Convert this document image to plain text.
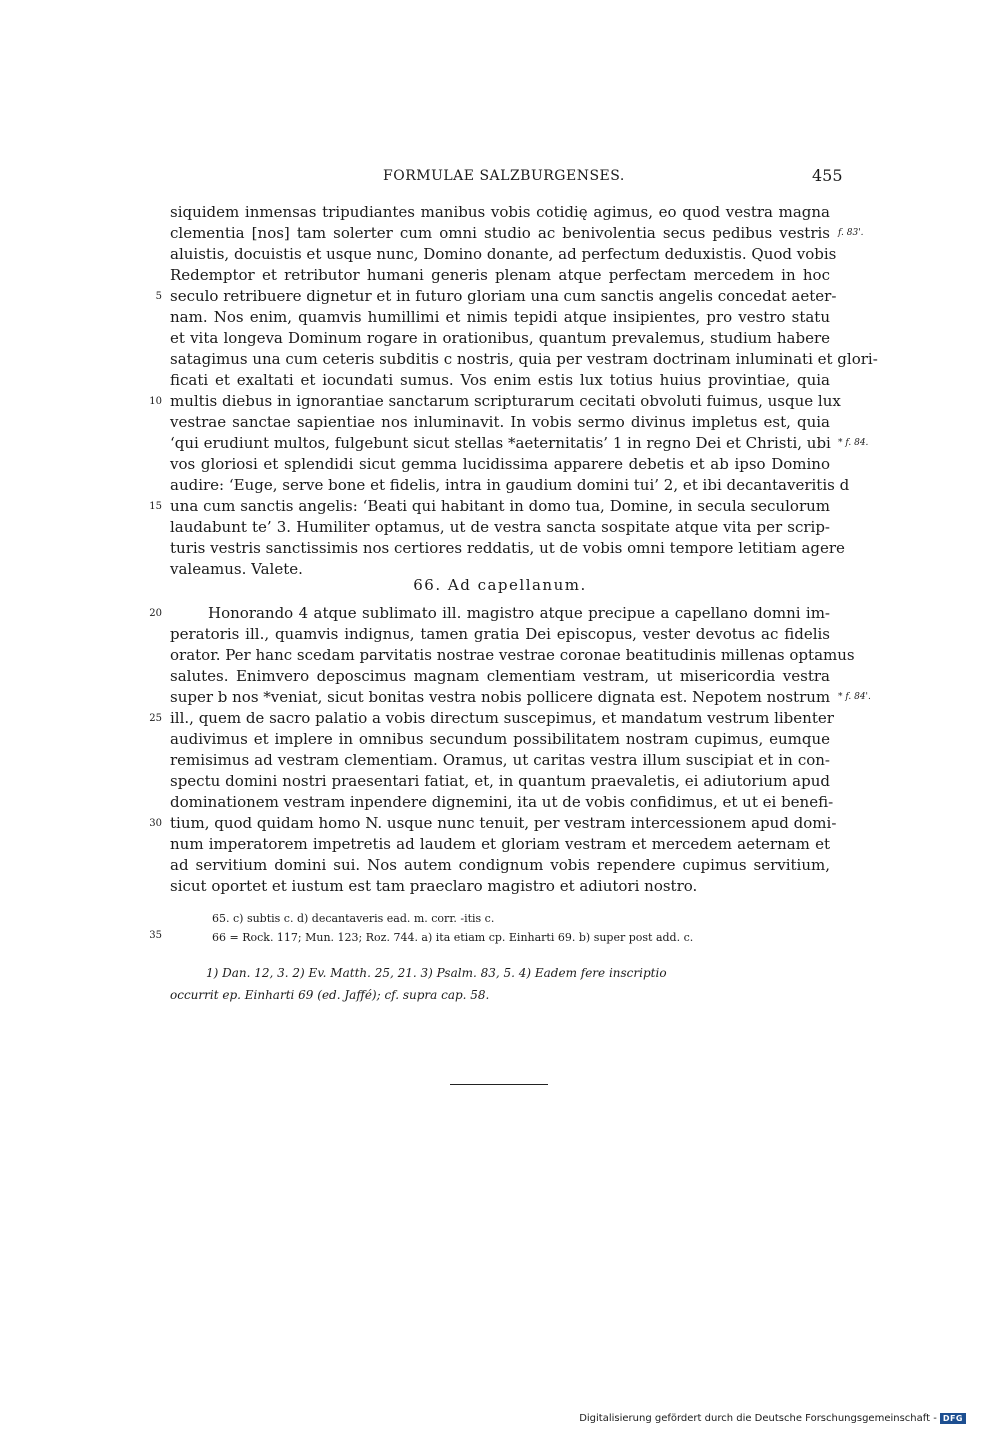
FORMULAE SALZBURGENSES.	455
siquidem inmensas tripudiantes manibus vobis cotidię agimus, eo quod vestra magna
clementia [nos] tam solerter cum omni studio ac benivolentia secus pedibus vestris
aluistis, docuistis et usque nunc, Domino donante, ad perfectum deduxistis. Quod vobis
Redemptor et retributor humani generis plenam atque perfectam mercedem in hoc
seculo retribuere dignetur et in futuro gloriam una cum sanctis angelis concedat aeter-
nam. Nos enim, quamvis humillimi et nimis tepidi atque insipientes, pro vestro statu
et vita longeva Dominum rogare in orationibus, quantum prevalemus, studium habere
satagimus una cum ceteris subditis c nostris, quia per vestram doctrinam inluminati et glori-
ficati et exaltati et iocundati sumus. Vos enim estis lux totius huius provintiae, quia
multis diebus in ignorantiae sanctarum scripturarum cecitati obvoluti fuimus, usque lux
vestrae sanctae sapientiae nos inluminavit. In vobis sermo divinus impletus est, quia
‘qui erudiunt multos, fulgebunt sicut stellas *aeternitatis’ 1 in regno Dei et Christi, ubi
vos gloriosi et splendidi sicut gemma lucidissima apparere debetis et ab ipso Domino
audire: ‘Euge, serve bone et fidelis, intra in gaudium domini tui’ 2, et ibi decantaveritis d
una cum sanctis angelis: ‘Beati qui habitant in domo tua, Domine, in secula seculorum
laudabunt te’ 3. Humiliter optamus, ut de vestra sancta sospitate atque vita per scrip-
turis vestris sanctissimis nos certiores reddatis, ut de vobis omni tempore letitiam agere
valeamus. Valete.
66. Ad capellanum.
Honorando 4 atque sublimato ill. magistro atque precipue a capellano domni im-
peratoris ill., quamvis indignus, tamen gratia Dei episcopus, vester devotus ac fidelis
orator. Per hanc scedam parvitatis nostrae vestrae coronae beatitudinis millenas optamus
salutes. Enimvero deposcimus magnam clementiam vestram, ut misericordia vestra
super b nos *veniat, sicut bonitas vestra nobis pollicere dignata est. Nepotem nostrum
ill., quem de sacro palatio a vobis directum suscepimus, et mandatum vestrum libenter
audivimus et implere in omnibus secundum possibilitatem nostram cupimus, eumque
remisimus ad vestram clementiam. Oramus, ut caritas vestra illum suscipiat et in con-
spectu domini nostri praesentari fatiat, et, in quantum praevaletis, ei adiutorium apud
dominationem vestram inpendere dignemini, ita ut de vobis confidimus, et ut ei benefi-
tium, quod quidam homo N. usque nunc tenuit, per vestram intercessionem apud domi-
num imperatorem impetretis ad laudem et gloriam vestram et mercedem aeternam et
ad servitium domini sui. Nos autem condignum vobis rependere cupimus servitium,
sicut oportet et iustum est tam praeclaro magistro et adiutori nostro.
5
10
15
20
25
30
35
f. 83'.
* f. 84.
* f. 84'.
65. c) subtis c. d) decantaveris ead. m. corr. -itis c.
66 = Rock. 117; Mun. 123; Roz. 744. a) ita etiam cp. Einharti 69. b) super post add. c.
1) Dan. 12, 3. 2) Ev. Matth. 25, 21. 3) Psalm. 83, 5. 4) Eadem fere inscriptio
occurrit ep. Einharti 69 (ed. Jaffé); cf. supra cap. 58.
Digitalisierung gefördert durch die Deutsche Forschungsgemeinschaft - DFG
